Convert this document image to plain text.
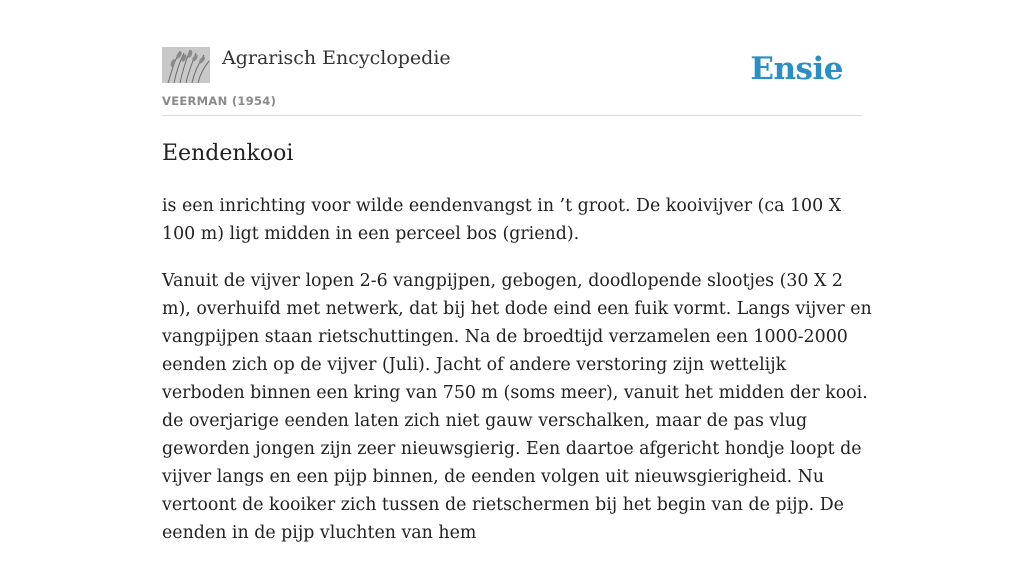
Agrarisch Encyclopedie
VEERMAN (1954)
Ensie
Eendenkooi

is een inrichting voor wilde eendenvangst in ’t groot. De kooivijver (ca 100 X 100 m) ligt midden in een perceel bos (griend).

Vanuit de vijver lopen 2-6 vangpijpen, gebogen, doodlopende slootjes (30 X 2 m), overhuifd met netwerk, dat bij het dode eind een fuik vormt. Langs vijver en vangpijpen staan rietschuttingen. Na de broedtijd verzamelen een 1000-2000 eenden zich op de vijver (Juli). Jacht of andere verstoring zijn wettelijk verboden binnen een kring van 750 m (soms meer), vanuit het midden der kooi. de overjarige eenden laten zich niet gauw verschalken, maar de pas vlug geworden jongen zijn zeer nieuwsgierig. Een daartoe afgericht hondje loopt de vijver langs en een pijp binnen, de eenden volgen uit nieuwsgierigheid. Nu vertoont de kooiker zich tussen de rietschermen bij het begin van de pijp. De eenden in de pijp vluchten van hem
